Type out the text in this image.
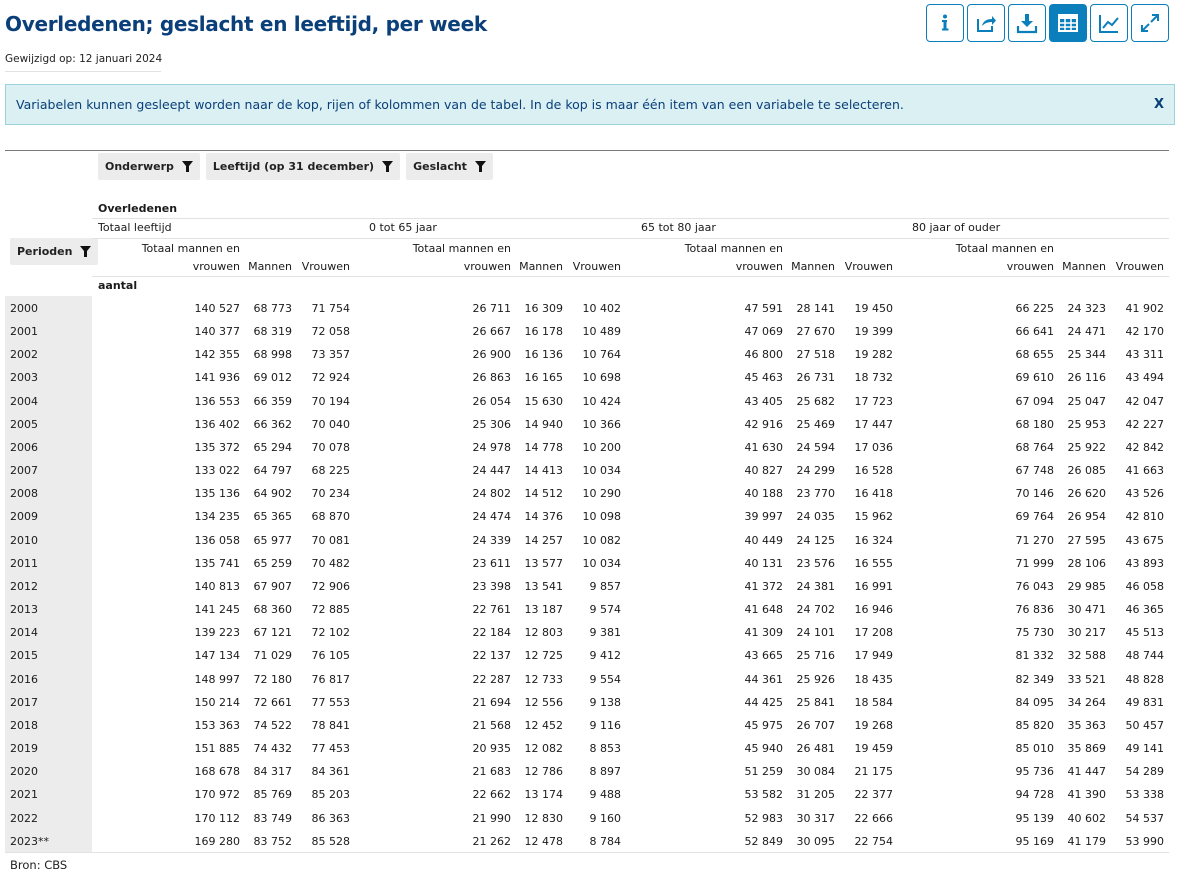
Overledenen; geslacht en leeftijd, per week
Gewijzigd op: 12 januari 2024
Variabelen kunnen gesleept worden naar de kop, rijen of kolommen van de tabel. In de kop is maar één item van een variabele te selecteren.	X
Onderwerp	Leeftijd (op 31 december)	Geslacht
Perioden
Overledenen
Totaal leeftijd	0 tot 65 jaar	65 tot 80 jaar	80 jaar of ouder
Totaal mannen en
vrouwen Mannen Vrouwen
Totaal mannen en
vrouwen Mannen Vrouwen
Totaal mannen en
vrouwen Mannen Vrouwen
Totaal mannen en
vrouwen Mannen Vrouwen
aantal
2000	140 527	68 773	71 754	26 711	16 309	10 402	47 591	28 141	19 450	66 225	24 323	41 902
2001	140 377	68 319	72 058	26 667	16 178	10 489	47 069	27 670	19 399	66 641	24 471	42 170
2002	142 355	68 998	73 357	26 900	16 136	10 764	46 800	27 518	19 282	68 655	25 344	43 311
2003	141 936	69 012	72 924	26 863	16 165	10 698	45 463	26 731	18 732	69 610	26 116	43 494
2004	136 553	66 359	70 194	26 054	15 630	10 424	43 405	25 682	17 723	67 094	25 047	42 047
2005	136 402	66 362	70 040	25 306	14 940	10 366	42 916	25 469	17 447	68 180	25 953	42 227
2006	135 372	65 294	70 078	24 978	14 778	10 200	41 630	24 594	17 036	68 764	25 922	42 842
2007	133 022	64 797	68 225	24 447	14 413	10 034	40 827	24 299	16 528	67 748	26 085	41 663
2008	135 136	64 902	70 234	24 802	14 512	10 290	40 188	23 770	16 418	70 146	26 620	43 526
2009	134 235	65 365	68 870	24 474	14 376	10 098	39 997	24 035	15 962	69 764	26 954	42 810
2010	136 058	65 977	70 081	24 339	14 257	10 082	40 449	24 125	16 324	71 270	27 595	43 675
2011	135 741	65 259	70 482	23 611	13 577	10 034	40 131	23 576	16 555	71 999	28 106	43 893
2012	140 813	67 907	72 906	23 398	13 541	9 857	41 372	24 381	16 991	76 043	29 985	46 058
2013	141 245	68 360	72 885	22 761	13 187	9 574	41 648	24 702	16 946	76 836	30 471	46 365
2014	139 223	67 121	72 102	22 184	12 803	9 381	41 309	24 101	17 208	75 730	30 217	45 513
2015	147 134	71 029	76 105	22 137	12 725	9 412	43 665	25 716	17 949	81 332	32 588	48 744
2016	148 997	72 180	76 817	22 287	12 733	9 554	44 361	25 926	18 435	82 349	33 521	48 828
2017	150 214	72 661	77 553	21 694	12 556	9 138	44 425	25 841	18 584	84 095	34 264	49 831
2018	153 363	74 522	78 841	21 568	12 452	9 116	45 975	26 707	19 268	85 820	35 363	50 457
2019	151 885	74 432	77 453	20 935	12 082	8 853	45 940	26 481	19 459	85 010	35 869	49 141
2020	168 678	84 317	84 361	21 683	12 786	8 897	51 259	30 084	21 175	95 736	41 447	54 289
2021	170 972	85 769	85 203	22 662	13 174	9 488	53 582	31 205	22 377	94 728	41 390	53 338
2022	170 112	83 749	86 363	21 990	12 830	9 160	52 983	30 317	22 666	95 139	40 602	54 537
2023**	169 280	83 752	85 528	21 262	12 478	8 784	52 849	30 095	22 754	95 169	41 179	53 990
Bron: CBS
